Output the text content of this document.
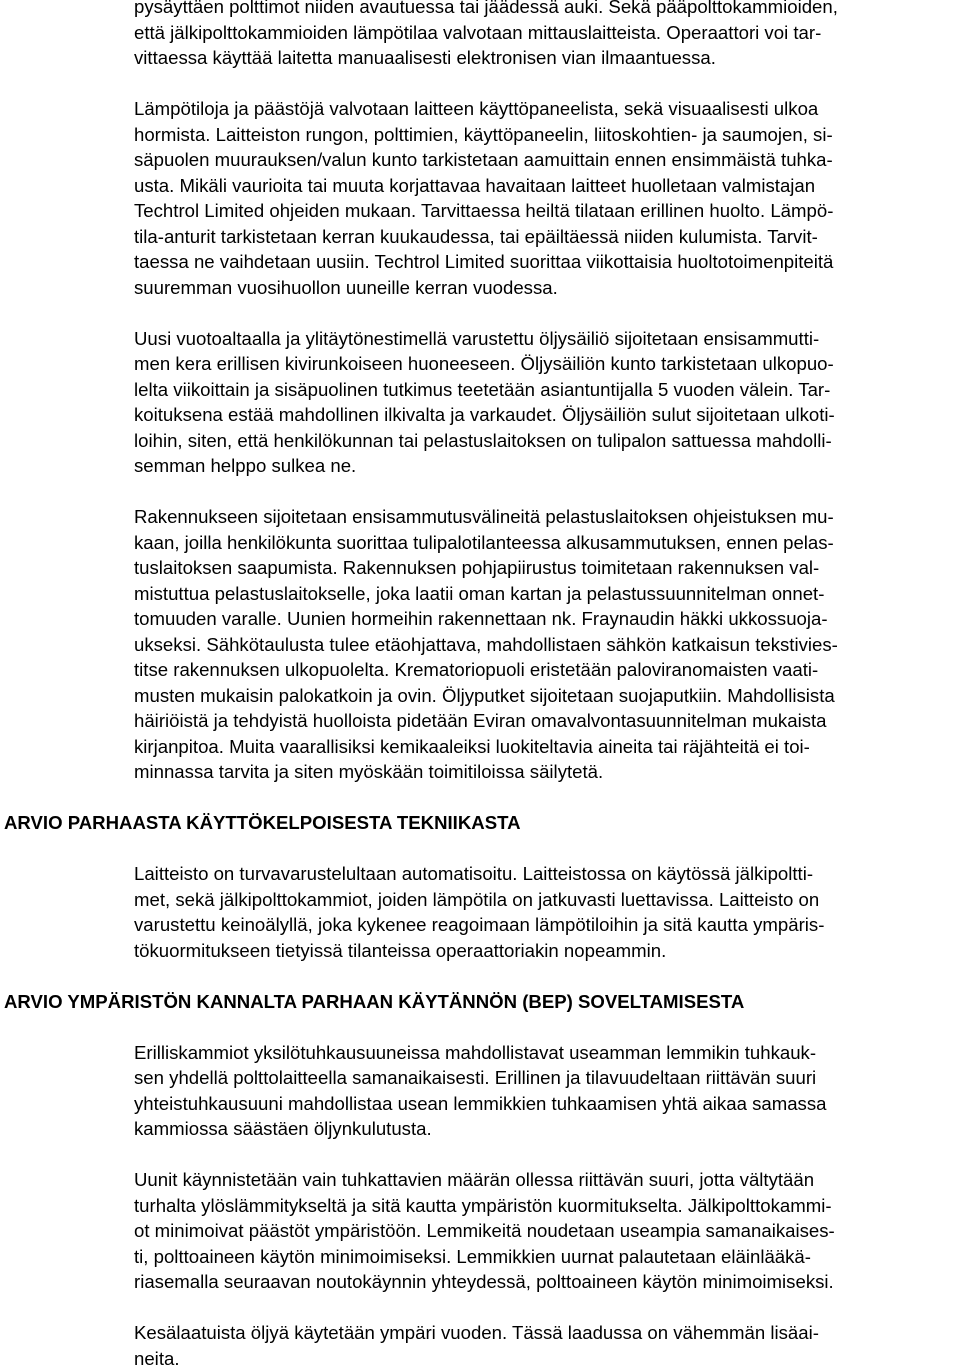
pysäyttäen polttimot niiden avautuessa tai jäädessä auki. Sekä pääpolttokammioiden,
että jälkipolttokammioiden lämpötilaa valvotaan mittauslaitteista. Operaattori voi tar-
vittaessa käyttää laitetta manuaalisesti elektronisen vian ilmaantuessa.

Lämpötiloja ja päästöjä valvotaan laitteen käyttöpaneelista, sekä visuaalisesti ulkoa
hormista. Laitteiston rungon, polttimien, käyttöpaneelin, liitoskohtien- ja saumojen, si-
säpuolen muurauksen/valun kunto tarkistetaan aamuittain ennen ensimmäistä tuhka-
usta. Mikäli vaurioita tai muuta korjattavaa havaitaan laitteet huolletaan valmistajan
Techtrol Limited ohjeiden mukaan. Tarvittaessa heiltä tilataan erillinen huolto. Lämpö-
tila-anturit tarkistetaan kerran kuukaudessa, tai epäiltäessä niiden kulumista. Tarvit-
taessa ne vaihdetaan uusiin. Techtrol Limited suorittaa viikottaisia huoltotoimenpiteitä
suuremman vuosihuollon uuneille kerran vuodessa.

Uusi vuotoaltaalla ja ylitäytönestimellä varustettu öljysäiliö sijoitetaan ensisammutti-
men kera erillisen kivirunkoiseen huoneeseen. Öljysäiliön kunto tarkistetaan ulkopuo-
lelta viikoittain ja sisäpuolinen tutkimus teetetään asiantuntijalla 5 vuoden välein. Tar-
koituksena estää mahdollinen ilkivalta ja varkaudet. Öljysäiliön sulut sijoitetaan ulkoti-
loihin, siten, että henkilökunnan tai pelastuslaitoksen on tulipalon sattuessa mahdolli-
semman helppo sulkea ne.

Rakennukseen sijoitetaan ensisammutusvälineitä pelastuslaitoksen ohjeistuksen mu-
kaan, joilla henkilökunta suorittaa tulipalotilanteessa alkusammutuksen, ennen pelas-
tuslaitoksen saapumista. Rakennuksen pohjapiirustus toimitetaan rakennuksen val-
mistuttua pelastuslaitokselle, joka laatii oman kartan ja pelastussuunnitelman onnet-
tomuuden varalle. Uunien hormeihin rakennettaan nk. Fraynaudin häkki ukkossuoja-
ukseksi. Sähkötaulusta tulee etäohjattava, mahdollistaen sähkön katkaisun tekstivies-
titse rakennuksen ulkopuolelta. Krematoriopuoli eristetään paloviranomaisten vaati-
musten mukaisin palokatkoin ja ovin. Öljyputket sijoitetaan suojaputkiin. Mahdollisista
häiriöistä ja tehdyistä huolloista pidetään Eviran omavalvontasuunnitelman mukaista
kirjanpitoa. Muita vaarallisiksi kemikaaleiksi luokiteltavia aineita tai räjähteitä ei toi-
minnassa tarvita ja siten myöskään toimitiloissa säilytetä.

ARVIO PARHAASTA KÄYTTÖKELPOISESTA TEKNIIKASTA

Laitteisto on turvavarustelultaan automatisoitu. Laitteistossa on käytössä jälkipoltti-
met, sekä jälkipolttokammiot, joiden lämpötila on jatkuvasti luettavissa. Laitteisto on
varustettu keinoälyllä, joka kykenee reagoimaan lämpötiloihin ja sitä kautta ympäris-
tökuormitukseen tietyissä tilanteissa operaattoriakin nopeammin.

ARVIO YMPÄRISTÖN KANNALTA PARHAAN KÄYTÄNNÖN (BEP) SOVELTAMISESTA

Erilliskammiot yksilötuhkausuuneissa mahdollistavat useamman lemmikin tuhkauk-
sen yhdellä polttolaitteella samanaikaisesti. Erillinen ja tilavuudeltaan riittävän suuri
yhteistuhkausuuni mahdollistaa usean lemmikkien tuhkaamisen yhtä aikaa samassa
kammiossa säästäen öljynkulutusta.

Uunit käynnistetään vain tuhkattavien määrän ollessa riittävän suuri, jotta vältytään
turhalta ylöslämmitykseltä ja sitä kautta ympäristön kuormitukselta. Jälkipolttokammi-
ot minimoivat päästöt ympäristöön. Lemmikeitä noudetaan useampia samanaikaises-
ti, polttoaineen käytön minimoimiseksi. Lemmikkien uurnat palautetaan eläinlääkä-
riasemalla seuraavan noutokäynnin yhteydessä, polttoaineen käytön minimoimiseksi.

Kesälaatuista öljyä käytetään ympäri vuoden. Tässä laadussa on vähemmän lisäai-
neita.
